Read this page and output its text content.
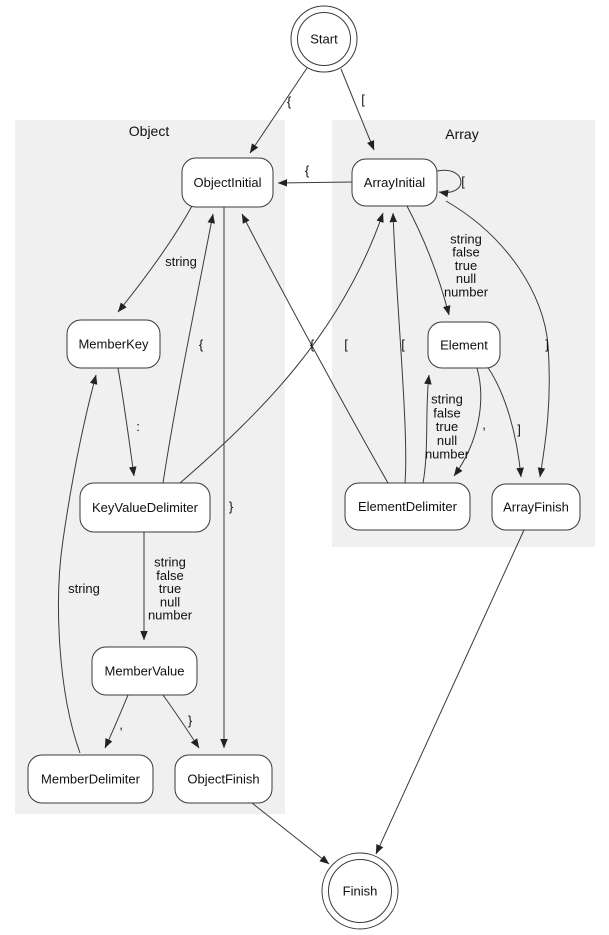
Object	Array
{	[
{
[
string
false
true
null
number
]
string
}
:
string
false
true
null
number
{	[
,	}
string
, ]
string
false
true
null
number
{	[
Start
ObjectInitial	ArrayInitial
MemberKey	Element
KeyValueDelimiter	ElementDelimiter	ArrayFinish
MemberValue
MemberDelimiter	ObjectFinish
Finish
